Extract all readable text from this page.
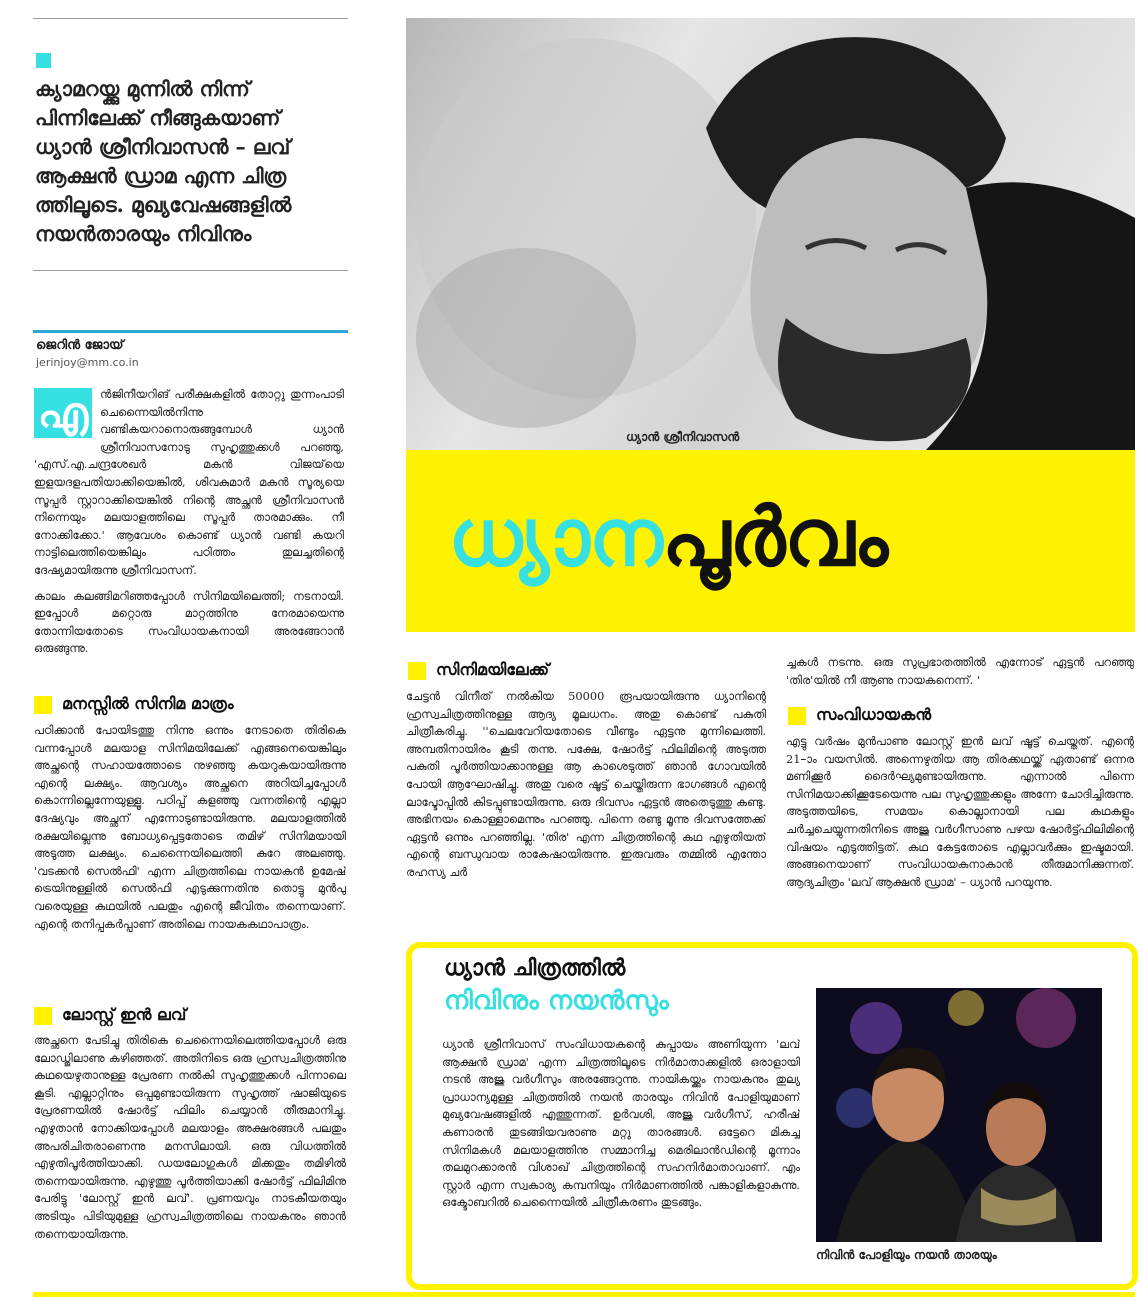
ക്യാമറയ്ക്കു മുന്നിൽ നിന്ന് പിന്നിലേക്ക് നീങ്ങുകയാണ് ധ്യാൻ ശ്രീനിവാസൻ – ലവ് ആക്ഷൻ ഡ്രാമ എന്ന ചിത്ര ത്തിലൂടെ. മുഖ്യവേഷങ്ങളിൽ നയൻതാരയും നിവിനും
ജെറിൻ ജോയ്
jerinjoy@mm.co.in
എ	ൻജിനീയറിങ് പരീക്ഷകളിൽ തോറ്റു തുന്നംപാടി ചെന്നൈയിൽനിന്നു വണ്ടികയറാനൊരുങ്ങുമ്പോൾ ധ്യാൻ ശ്രീനിവാസനോടു സുഹൃത്തുക്കൾ പറഞ്ഞു, 'എസ്.എ.ചന്ദ്രശേഖർ മകൻ വിജയ്‌യെ ഇളയദളപതിയാക്കിയെങ്കിൽ, ശിവകുമാർ മകൻ സൂര്യയെ സൂപ്പർ സ്റ്റാറാക്കിയെങ്കിൽ നിന്റെ അച്ഛൻ ശ്രീനിവാസൻ നിന്നെയും മലയാളത്തിലെ സൂപ്പർ താരമാക്കും. നീ നോക്കിക്കോ.' ആവേശം കൊണ്ട് ധ്യാൻ വണ്ടി കയറി നാട്ടിലെത്തിയെങ്കിലും പഠിത്തം തുലച്ചതിന്റെ ദേഷ്യമായിരുന്നു ശ്രീനിവാസന്.

കാലം കലങ്ങിമറിഞ്ഞപ്പോൾ സിനിമയിലെത്തി; നടനായി. ഇപ്പോൾ മറ്റൊരു മാറ്റത്തിനു നേരമായെന്നു തോന്നിയതോടെ സംവിധായകനായി അരങ്ങേറാൻ ഒരുങ്ങുന്നു.

മനസ്സിൽ സിനിമ മാത്രം
പഠിക്കാൻ പോയിടത്തു നിന്നു ഒന്നും നേടാതെ തിരികെ വന്നപ്പോൾ മലയാള സിനിമയിലേക്ക് എങ്ങനെയെങ്കിലും അച്ഛന്റെ സഹായത്തോടെ നുഴഞ്ഞു കയറുകയായിരുന്നു എന്റെ ലക്ഷ്യം. ആവശ്യം അച്ഛനെ അറിയിച്ചപ്പോൾ കൊന്നില്ലെന്നേയുള്ളൂ. പഠിപ്പ് കളഞ്ഞു വന്നതിന്റെ എല്ലാ ദേഷ്യവും അച്ഛന് എന്നോടുണ്ടായിരുന്നു. മലയാളത്തിൽ രക്ഷയില്ലെന്നു ബോധ്യപ്പെട്ടതോടെ തമിഴ് സിനിമയായി അടുത്ത ലക്ഷ്യം. ചെന്നൈയിലെത്തി കുറേ അലഞ്ഞു. 'വടക്കൻ സെൽഫി' എന്ന ചിത്രത്തിലെ നായകൻ ഉമേഷ് ട്രെയിനുള്ളിൽ സെൽഫി എടുക്കുന്നതിനു തൊട്ടു മുൻപു വരെയുള്ള കഥയിൽ പലതും എന്റെ ജീവിതം തന്നെയാണ്. എന്റെ തനിപ്പകർപ്പാണ് അതിലെ നായകകഥാപാത്രം.
ലോസ്റ്റ് ഇൻ ലവ്
അച്ഛനെ പേടിച്ചു തിരികെ ചെന്നൈയിലെത്തിയപ്പോൾ ഒരു ലോഡ്ജിലാണു കഴിഞ്ഞത്. അതിനിടെ ഒരു ഹ്രസ്വചിത്രത്തിനു കഥയെഴുതാനുള്ള പ്രേരണ നൽകി സുഹൃത്തുക്കൾ പിന്നാലെ കൂടി. എല്ലാറ്റിനും ഒപ്പമുണ്ടായിരുന്ന സുഹൃത്ത് ഷാജിയുടെ പ്രേരണയിൽ ഷോർട്ട് ഫിലിം ചെയ്യാൻ തീരുമാനിച്ചു. എഴുതാൻ നോക്കിയപ്പോൾ മലയാളം അക്ഷരങ്ങൾ പലതും അപരിചിതരാണെന്നു മനസിലായി. ഒരു വിധത്തിൽ എഴുതിപൂർത്തിയാക്കി. ഡയലോഗുകൾ മിക്കതും തമിഴിൽ തന്നെയായിരുന്നു. എഴുത്തു പൂർത്തിയാക്കി ഷോർട്ട് ഫിലിമിനു പേരിട്ടു 'ലോസ്റ്റ് ഇൻ ലവ്'. പ്രണയവും നാടകീയതയും അടിയും പിടിയുമുള്ള ഹ്രസ്വചിത്രത്തിലെ നായകനും ഞാൻ തന്നെയായിരുന്നു.
ധ്യാൻ ശ്രീനിവാസൻ
ധ്യാനപൂർവം
സിനിമയിലേക്ക്
ചേട്ടൻ വിനീത് നൽകിയ 50000 രൂപയായിരുന്നു ധ്യാനിന്റെ ഹ്രസ്വചിത്രത്തിനുള്ള ആദ്യ മൂലധനം. അതു കൊണ്ട് പകുതി ചിത്രീകരിച്ചു. ''ചെലവേറിയതോടെ വീണ്ടും ഏട്ടനു മുന്നിലെത്തി. അമ്പതിനായിരം കൂടി തന്നു. പക്ഷേ, ഷോർട്ട് ഫിലിമിന്റെ അടുത്ത പകുതി പൂർത്തിയാക്കാനുള്ള ആ കാശെടുത്ത് ഞാൻ ഗോവയിൽ പോയി ആഘോഷിച്ചു. അതു വരെ ഷൂട്ട് ചെയ്തിരുന്ന ഭാഗങ്ങൾ എന്റെ ലാപ്ടോപ്പിൽ കിടപ്പുണ്ടായിരുന്നു. ഒരു ദിവസം ഏട്ടൻ അതെടുത്തു കണ്ടു. അഭിനയം കൊള്ളാമെന്നും പറഞ്ഞു. പിന്നെ രണ്ടു മൂന്നു ദിവസത്തേക്ക് ഏട്ടൻ ഒന്നും പറഞ്ഞില്ല. 'തിര' എന്ന ചിത്രത്തിന്റെ കഥ എഴുതിയത് എന്റെ ബന്ധുവായ രാകേഷായിരുന്നു. ഇരുവരും തമ്മിൽ എന്തോ രഹസ്യ ചർ
ച്ചകൾ നടന്നു. ഒരു സുപ്രഭാതത്തിൽ എന്നോട് ഏട്ടൻ പറഞ്ഞു 'തിര'യിൽ നീ ആണു നായകനെന്ന്. '
സംവിധായകൻ
എട്ടു വർഷം മുൻപാണു ലോസ്റ്റ് ഇൻ ലവ് ഷൂട്ട് ചെയ്തത്. എന്റെ 21–ാം വയസിൽ. അന്നെഴുതിയ ആ തിരക്കഥയ്ക്ക് ഏതാണ്ട് ഒന്നര മണിക്കൂർ ദൈർഘ്യമുണ്ടായിരുന്നു. എന്നാൽ പിന്നെ സിനിമയാക്കിക്കൂടേയെന്നു പല സുഹൃത്തുക്കളും അന്നേ ചോദിച്ചിരുന്നു. അടുത്തയിടെ, സമയം കൊല്ലാനായി പല കഥകളും ചർച്ചചെയ്യുന്നതിനിടെ അജു വർഗീസാണു പഴയ ഷോർട്ട്ഫിലിമിന്റെ വിഷയം എടുത്തിട്ടത്. കഥ കേട്ടതോടെ എല്ലാവർക്കും ഇഷ്ടമായി. അങ്ങനെയാണ് സംവിധായകനാകാൻ തീരുമാനിക്കുന്നത്. ആദ്യചിത്രം 'ലവ് ആക്ഷൻ ഡ്രാമ' – ധ്യാൻ പറയുന്നു.
ധ്യാൻ ചിത്രത്തിൽ
നിവിനും നയൻസും
ധ്യാൻ ശ്രീനിവാസ് സംവിധായകന്റെ കുപ്പായം അണിയുന്ന 'ലവ് ആക്ഷൻ ഡ്രാമ' എന്ന ചിത്രത്തിലൂടെ നിർമാതാക്കളിൽ ഒരാളായി നടൻ അജു വർഗീസും അരങ്ങേറുന്നു. നായികയ്ക്കും നായകനും തുല്യ പ്രാധാന്യമുള്ള ചിത്രത്തിൽ നയൻ താരയും നിവിൻ പോളിയുമാണ് മുഖ്യവേഷങ്ങളിൽ എത്തുന്നത്. ഉർവശി, അജു വർഗീസ്, ഹരീഷ് കണാരൻ തുടങ്ങിയവരാണു മറ്റു താരങ്ങൾ. ഒട്ടേറെ മികച്ച സിനിമകൾ മലയാളത്തിനു സമ്മാനിച്ച മെരിലാൻഡിന്റെ മൂന്നാം തലമുറക്കാരൻ വിശാഖ് ചിത്രത്തിന്റെ സഹനിർമാതാവാണ്. എം സ്റ്റാർ എന്ന സ്വകാര്യ കമ്പനിയും നിർമാണത്തിൽ പങ്കാളികളാകുന്നു. ഒക്ടോബറിൽ ചെന്നൈയിൽ ചിത്രീകരണം തുടങ്ങും.
നിവിൻ പോളിയും നയൻ താരയും
